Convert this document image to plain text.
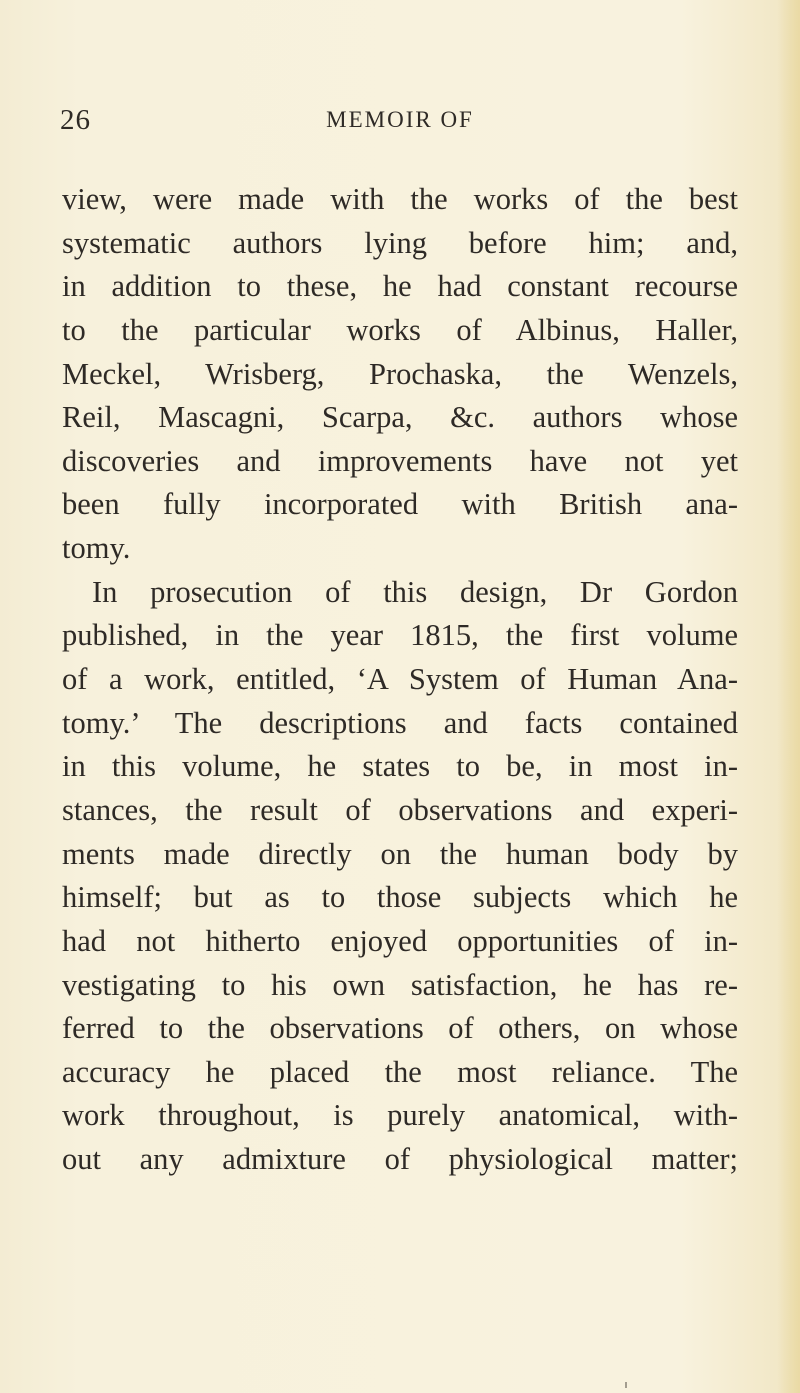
26	MEMOIR OF
view, were made with the works of the best
systematic authors lying before him; and,
in addition to these, he had constant recourse
to the particular works of Albinus, Haller,
Meckel, Wrisberg, Prochaska, the Wenzels,
Reil, Mascagni, Scarpa, &c. authors whose
discoveries and improvements have not yet
been fully incorporated with British ana-
tomy.
In prosecution of this design, Dr Gordon
published, in the year 1815, the first volume
of a work, entitled, ‘A System of Human Ana-
tomy.’ The descriptions and facts contained
in this volume, he states to be, in most in-
stances, the result of observations and experi-
ments made directly on the human body by
himself; but as to those subjects which he
had not hitherto enjoyed opportunities of in-
vestigating to his own satisfaction, he has re-
ferred to the observations of others, on whose
accuracy he placed the most reliance. The
work throughout, is purely anatomical, with-
out any admixture of physiological matter;
